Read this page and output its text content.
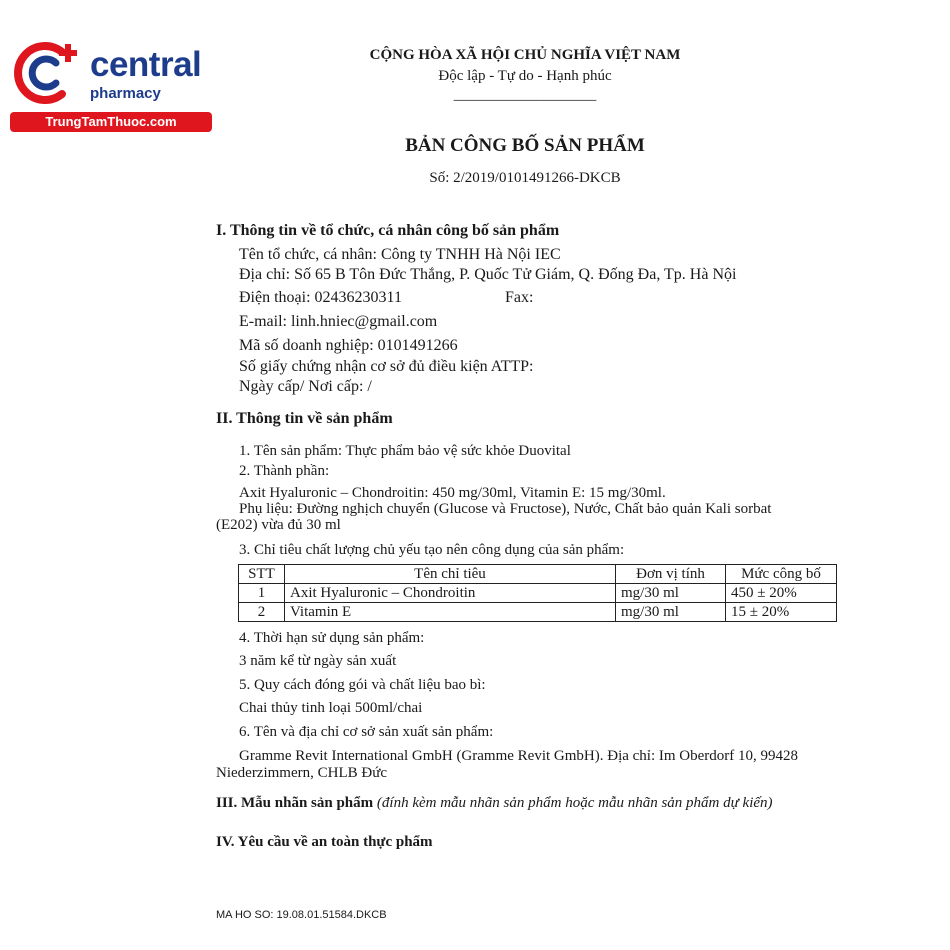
central
pharmacy
TrungTamThuoc.com
CỘNG HÒA XÃ HỘI CHỦ NGHĨA VIỆT NAM
Độc lập - Tự do - Hạnh phúc
___________________
BẢN CÔNG BỐ SẢN PHẨM
Số: 2/2019/0101491266-DKCB
I. Thông tin về tổ chức, cá nhân công bố sản phẩm
Tên tổ chức, cá nhân: Công ty TNHH Hà Nội IEC
Địa chỉ: Số 65 B Tôn Đức Thắng, P. Quốc Tử Giám, Q. Đống Đa, Tp. Hà Nội
Điện thoại: 02436230311	Fax:
E-mail: linh.hniec@gmail.com
Mã số doanh nghiệp: 0101491266
Số giấy chứng nhận cơ sở đủ điều kiện ATTP:
Ngày cấp/ Nơi cấp: /
II. Thông tin về sản phẩm
1. Tên sản phẩm: Thực phẩm bảo vệ sức khỏe Duovital
2. Thành phần:
Axit Hyaluronic – Chondroitin: 450 mg/30ml, Vitamin E: 15 mg/30ml.
Phụ liệu: Đường nghịch chuyển (Glucose và Fructose), Nước, Chất bảo quản Kali sorbat
(E202) vừa đủ 30 ml
3. Chỉ tiêu chất lượng chủ yếu tạo nên công dụng của sản phẩm:
STT	Tên chỉ tiêu	Đơn vị tính	Mức công bố
1	Axit Hyaluronic – Chondroitin	mg/30 ml	450 ± 20%
2	Vitamin E	mg/30 ml	15 ± 20%
4. Thời hạn sử dụng sản phẩm:
3 năm kể từ ngày sản xuất
5. Quy cách đóng gói và chất liệu bao bì:
Chai thủy tinh loại 500ml/chai
6. Tên và địa chỉ cơ sở sản xuất sản phẩm:
Gramme Revit International GmbH (Gramme Revit GmbH). Địa chỉ: Im Oberdorf 10, 99428
Niederzimmern, CHLB Đức
III. Mẫu nhãn sản phẩm (đính kèm mẫu nhãn sản phẩm hoặc mẫu nhãn sản phẩm dự kiến)
IV. Yêu cầu về an toàn thực phẩm
MA HO SO: 19.08.01.51584.DKCB
